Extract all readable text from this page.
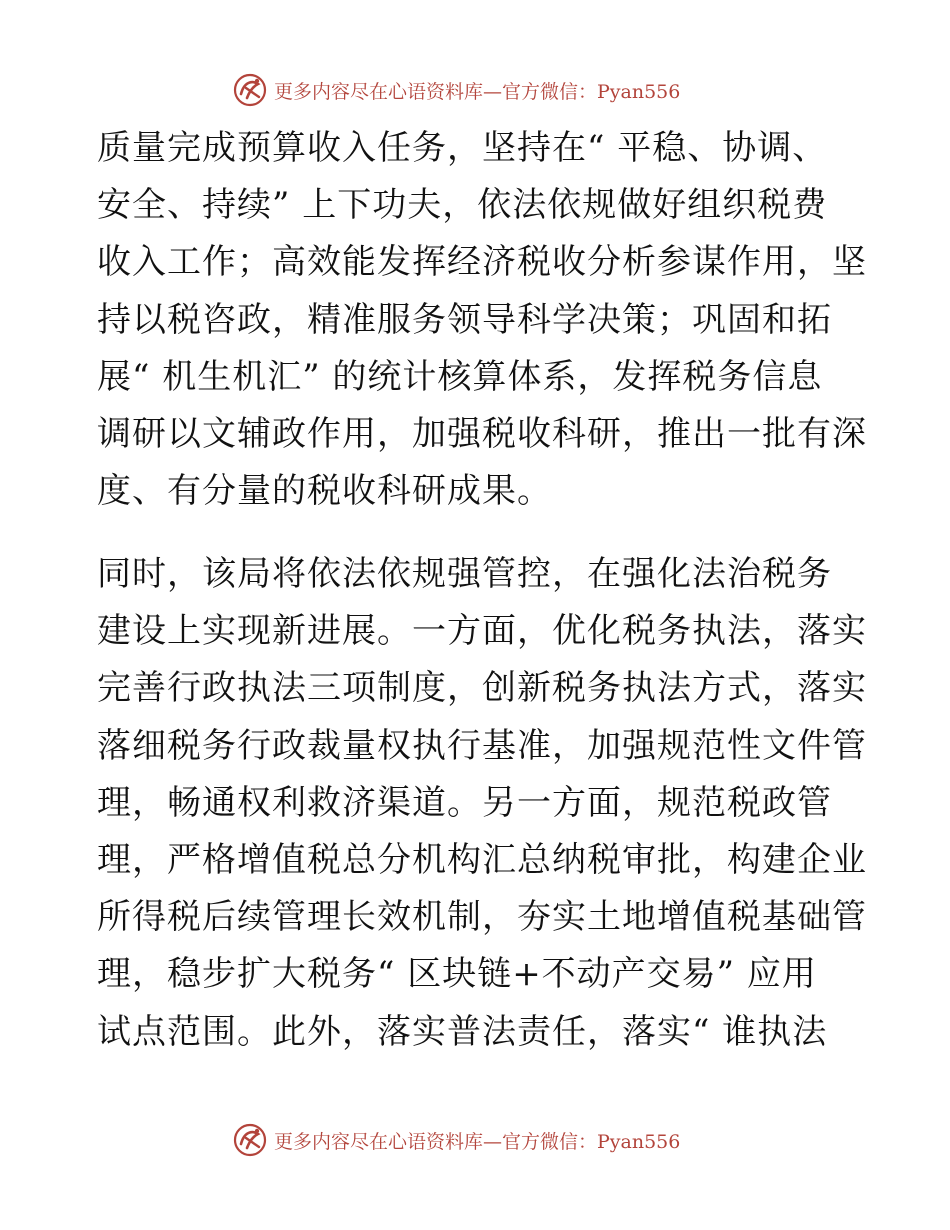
更多内容尽在心语资料库—官方微信：Pyan556
质量完成预算收入任务，坚持在“ 平稳、协调、
安全、持续” 上下功夫，依法依规做好组织税费
收入工作；高效能发挥经济税收分析参谋作用，坚
持以税咨政，精准服务领导科学决策；巩固和拓
展“ 机生机汇” 的统计核算体系，发挥税务信息
调研以文辅政作用，加强税收科研，推出一批有深
度、有分量的税收科研成果。
同时，该局将依法依规强管控，在强化法治税务
建设上实现新进展。一方面，优化税务执法，落实
完善行政执法三项制度，创新税务执法方式，落实
落细税务行政裁量权执行基准，加强规范性文件管
理，畅通权利救济渠道。另一方面，规范税政管
理，严格增值税总分机构汇总纳税审批，构建企业
所得税后续管理长效机制，夯实土地增值税基础管
理，稳步扩大税务“ 区块链+不动产交易” 应用
试点范围。此外，落实普法责任，落实“ 谁执法
更多内容尽在心语资料库—官方微信：Pyan556
